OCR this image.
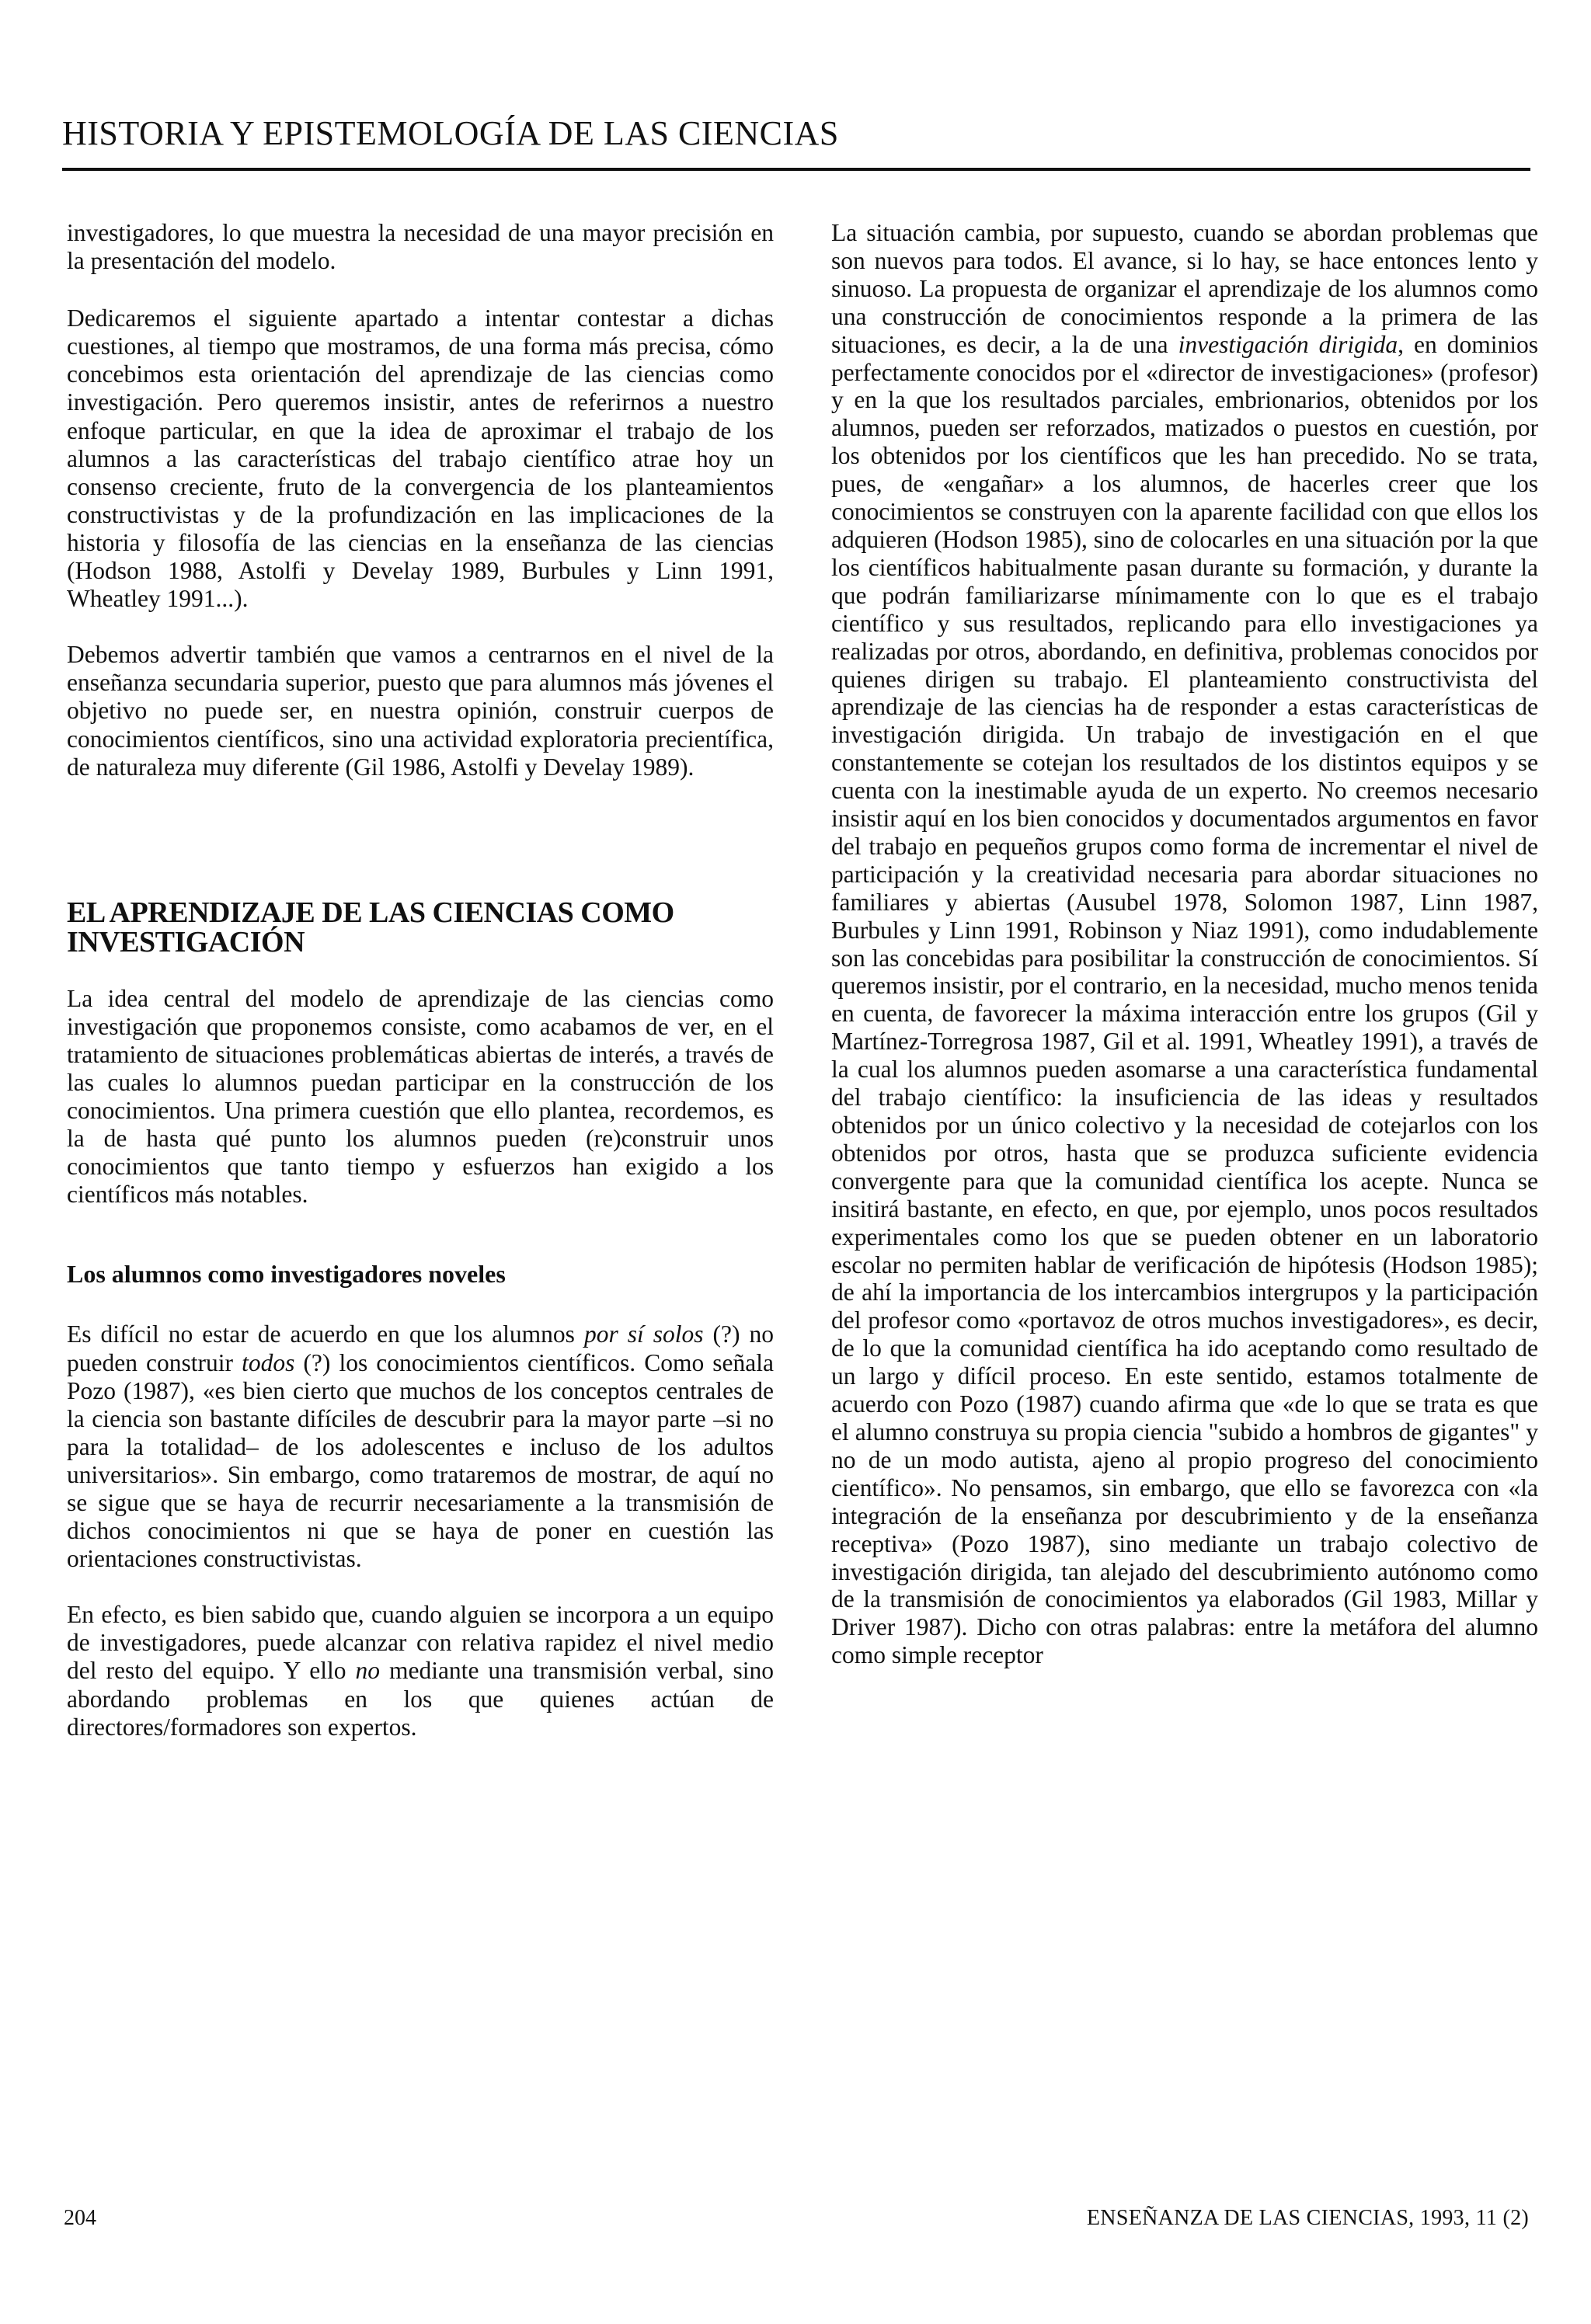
HISTORIA Y EPISTEMOLOGÍA DE LAS CIENCIAS

investigadores, lo que muestra la necesidad de una mayor precisión en la presentación del modelo.

Dedicaremos el siguiente apartado a intentar contestar a dichas cuestiones, al tiempo que mostramos, de una forma más precisa, cómo concebimos esta orientación del aprendizaje de las ciencias como investigación. Pero queremos insistir, antes de referirnos a nuestro enfoque particular, en que la idea de aproximar el trabajo de los alumnos a las características del trabajo científico atrae hoy un consenso creciente, fruto de la convergencia de los planteamientos constructivistas y de la profundización en las implicaciones de la historia y filosofía de las ciencias en la enseñanza de las ciencias (Hodson 1988, Astolfi y Develay 1989, Burbules y Linn 1991, Wheatley 1991...).

Debemos advertir también que vamos a centrarnos en el nivel de la enseñanza secundaria superior, puesto que para alumnos más jóvenes el objetivo no puede ser, en nuestra opinión, construir cuerpos de conocimientos científicos, sino una actividad exploratoria precientífica, de naturaleza muy diferente (Gil 1986, Astolfi y Develay 1989).

EL APRENDIZAJE DE LAS CIENCIAS COMO INVESTIGACIÓN

La idea central del modelo de aprendizaje de las ciencias como investigación que proponemos consiste, como acabamos de ver, en el tratamiento de situaciones problemáticas abiertas de interés, a través de las cuales lo alumnos puedan participar en la construcción de los conocimientos. Una primera cuestión que ello plantea, recordemos, es la de hasta qué punto los alumnos pueden (re)construir unos conocimientos que tanto tiempo y esfuerzos han exigido a los científicos más notables.

Los alumnos como investigadores noveles

Es difícil no estar de acuerdo en que los alumnos por sí solos (?) no pueden construir todos (?) los conocimientos científicos. Como señala Pozo (1987), «es bien cierto que muchos de los conceptos centrales de la ciencia son bastante difíciles de descubrir para la mayor parte –si no para la totalidad– de los adolescentes e incluso de los adultos universitarios». Sin embargo, como trataremos de mostrar, de aquí no se sigue que se haya de recurrir necesariamente a la transmisión de dichos conocimientos ni que se haya de poner en cuestión las orientaciones constructivistas.

En efecto, es bien sabido que, cuando alguien se incorpora a un equipo de investigadores, puede alcanzar con relativa rapidez el nivel medio del resto del equipo. Y ello no mediante una transmisión verbal, sino abordando problemas en los que quienes actúan de directores/formadores son expertos.

La situación cambia, por supuesto, cuando se abordan problemas que son nuevos para todos. El avance, si lo hay, se hace entonces lento y sinuoso. La propuesta de organizar el aprendizaje de los alumnos como una construcción de conocimientos responde a la primera de las situaciones, es decir, a la de una investigación dirigida, en dominios perfectamente conocidos por el «director de investigaciones» (profesor) y en la que los resultados parciales, embrionarios, obtenidos por los alumnos, pueden ser reforzados, matizados o puestos en cuestión, por los obtenidos por los científicos que les han precedido. No se trata, pues, de «engañar» a los alumnos, de hacerles creer que los conocimientos se construyen con la aparente facilidad con que ellos los adquieren (Hodson 1985), sino de colocarles en una situación por la que los científicos habitualmente pasan durante su formación, y durante la que podrán familiarizarse mínimamente con lo que es el trabajo científico y sus resultados, replicando para ello investigaciones ya realizadas por otros, abordando, en definitiva, problemas conocidos por quienes dirigen su trabajo. El planteamiento constructivista del aprendizaje de las ciencias ha de responder a estas características de investigación dirigida. Un trabajo de investigación en el que constantemente se cotejan los resultados de los distintos equipos y se cuenta con la inestimable ayuda de un experto. No creemos necesario insistir aquí en los bien conocidos y documentados argumentos en favor del trabajo en pequeños grupos como forma de incrementar el nivel de participación y la creatividad necesaria para abordar situaciones no familiares y abiertas (Ausubel 1978, Solomon 1987, Linn 1987, Burbules y Linn 1991, Robinson y Niaz 1991), como indudablemente son las concebidas para posibilitar la construcción de conocimientos. Sí queremos insistir, por el contrario, en la necesidad, mucho menos tenida en cuenta, de favorecer la máxima interacción entre los grupos (Gil y Martínez-Torregrosa 1987, Gil et al. 1991, Wheatley 1991), a través de la cual los alumnos pueden asomarse a una característica fundamental del trabajo científico: la insuficiencia de las ideas y resultados obtenidos por un único colectivo y la necesidad de cotejarlos con los obtenidos por otros, hasta que se produzca suficiente evidencia convergente para que la comunidad científica los acepte. Nunca se insitirá bastante, en efecto, en que, por ejemplo, unos pocos resultados experimentales como los que se pueden obtener en un laboratorio escolar no permiten hablar de verificación de hipótesis (Hodson 1985); de ahí la importancia de los intercambios intergrupos y la participación del profesor como «portavoz de otros muchos investigadores», es decir, de lo que la comunidad científica ha ido aceptando como resultado de un largo y difícil proceso. En este sentido, estamos totalmente de acuerdo con Pozo (1987) cuando afirma que «de lo que se trata es que el alumno construya su propia ciencia "subido a hombros de gigantes" y no de un modo autista, ajeno al propio progreso del conocimiento científico». No pensamos, sin embargo, que ello se favorezca con «la integración de la enseñanza por descubrimiento y de la enseñanza receptiva» (Pozo 1987), sino mediante un trabajo colectivo de investigación dirigida, tan alejado del descubrimiento autónomo como de la transmisión de conocimientos ya elaborados (Gil 1983, Millar y Driver 1987). Dicho con otras palabras: entre la metáfora del alumno como simple receptor

204	ENSEÑANZA DE LAS CIENCIAS, 1993, 11 (2)
